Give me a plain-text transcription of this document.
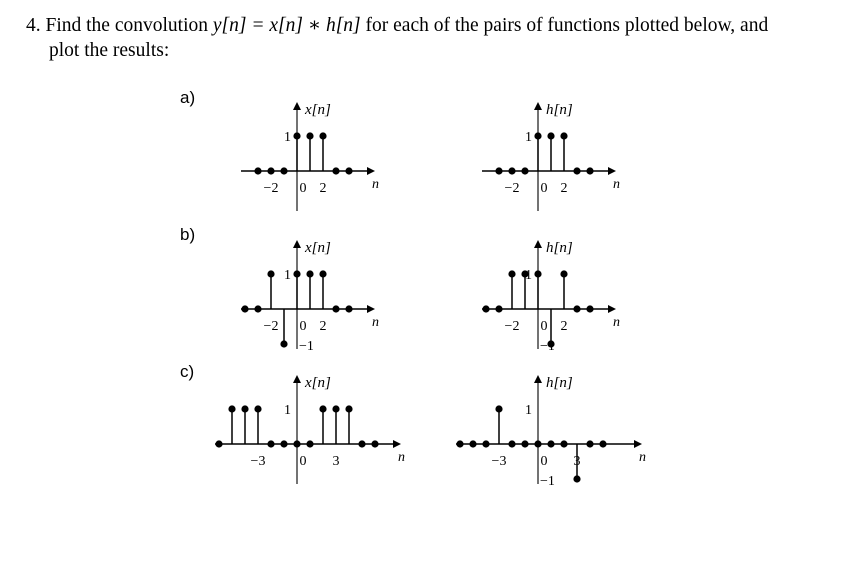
4. Find the convolution y[n] = x[n] ∗ h[n] for each of the pairs of functions plotted below, and
plot the results:
a)
b)
c)
x[n]
n
−2 0 2
1
h[n]
n
−2 0 2
1
x[n]
n
−2 0 2
1
−1
h[n]
n
−2 0 2
1
−1
x[n]
n
−3 0 3
1
h[n]
n
−3 0 3
1
−1
